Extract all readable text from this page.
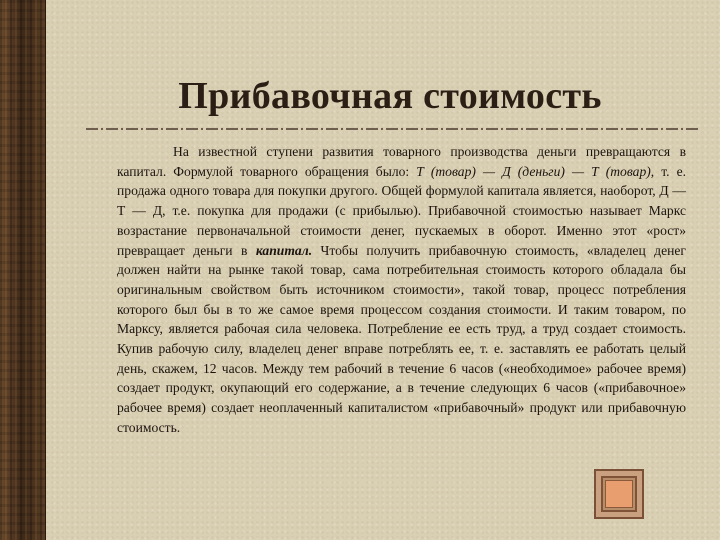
Прибавочная стоимость

На известной ступени развития товарного производства деньги превращаются в капитал. Формулой товарного обращения было: Т (товар) — Д (деньги) — Т (товар), т. е. продажа одного товара для покупки другого. Общей формулой капитала является, наоборот, Д — Т — Д, т.е. покупка для продажи (с прибылью). Прибавочной стоимостью называет Маркс возрастание первоначальной стоимости денег, пускаемых в оборот. Именно этот «рост» превращает деньги в капитал. Чтобы получить прибавочную стоимость, «владелец денег должен найти на рынке такой товар, сама потребительная стоимость которого обладала бы оригинальным свойством быть источником стоимости», такой товар, процесс потребления которого был бы в то же самое время процессом создания стоимости. И таким товаром, по Марксу, является рабочая сила человека. Потребление ее есть труд, а труд создает стоимость. Купив рабочую силу, владелец денег вправе потреблять ее, т. е. заставлять ее работать целый день, скажем, 12 часов. Между тем рабочий в течение 6 часов («необходимое» рабочее время) создает продукт, окупающий его содержание, а в течение следующих 6 часов («прибавочное» рабочее время) создает неоплаченный капиталистом «прибавочный» продукт или прибавочную стоимость.
